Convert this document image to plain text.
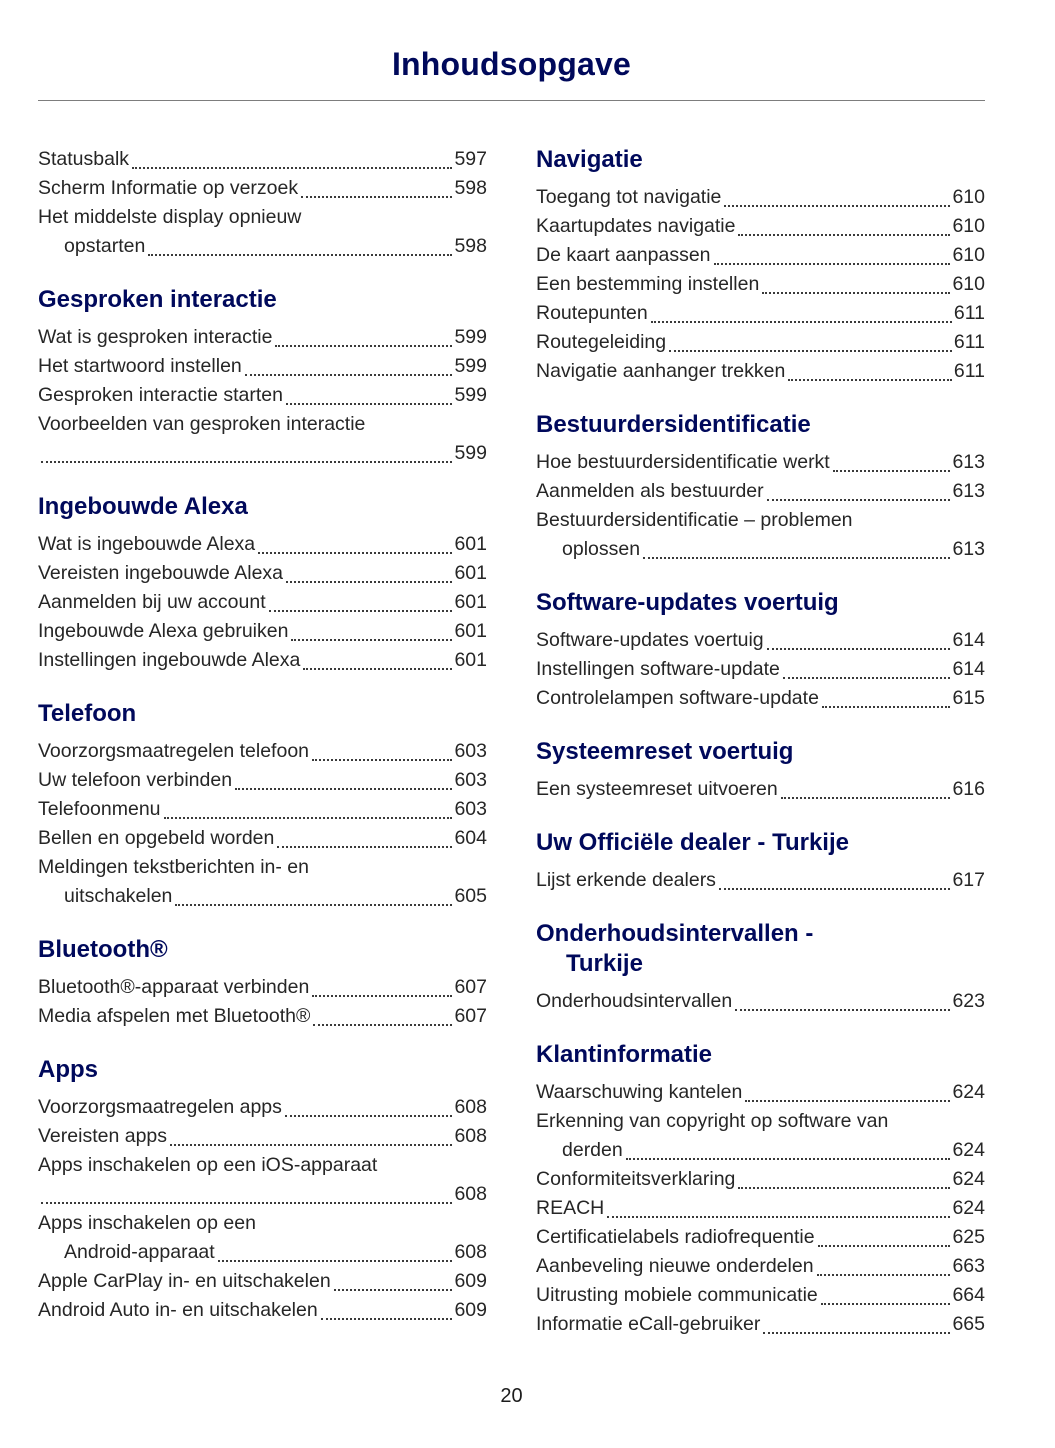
Inhoudsopgave
Statusbalk	597
Scherm Informatie op verzoek	598
Het middelste display opnieuw
opstarten	598
Gesproken interactie
Wat is gesproken interactie	599
Het startwoord instellen	599
Gesproken interactie starten	599
Voorbeelden van gesproken interactie
599
Ingebouwde Alexa
Wat is ingebouwde Alexa	601
Vereisten ingebouwde Alexa	601
Aanmelden bij uw account	601
Ingebouwde Alexa gebruiken	601
Instellingen ingebouwde Alexa	601
Telefoon
Voorzorgsmaatregelen telefoon	603
Uw telefoon verbinden	603
Telefoonmenu	603
Bellen en opgebeld worden	604
Meldingen tekstberichten in- en
uitschakelen	605
Bluetooth®
Bluetooth®-apparaat verbinden	607
Media afspelen met Bluetooth®	607
Apps
Voorzorgsmaatregelen apps	608
Vereisten apps	608
Apps inschakelen op een iOS-apparaat
608
Apps inschakelen op een
Android-apparaat	608
Apple CarPlay in- en uitschakelen	609
Android Auto in- en uitschakelen	609
Navigatie
Toegang tot navigatie	610
Kaartupdates navigatie	610
De kaart aanpassen	610
Een bestemming instellen	610
Routepunten	611
Routegeleiding	611
Navigatie aanhanger trekken	611
Bestuurdersidentificatie
Hoe bestuurdersidentificatie werkt	613
Aanmelden als bestuurder	613
Bestuurdersidentificatie – problemen
oplossen	613
Software-updates voertuig
Software-updates voertuig	614
Instellingen software-update	614
Controlelampen software-update	615
Systeemreset voertuig
Een systeemreset uitvoeren	616
Uw Officiële dealer - Turkije
Lijst erkende dealers	617
Onderhoudsintervallen -
Turkije
Onderhoudsintervallen	623
Klantinformatie
Waarschuwing kantelen	624
Erkenning van copyright op software van
derden	624
Conformiteitsverklaring	624
REACH	624
Certificatielabels radiofrequentie	625
Aanbeveling nieuwe onderdelen	663
Uitrusting mobiele communicatie	664
Informatie eCall-gebruiker	665
20
